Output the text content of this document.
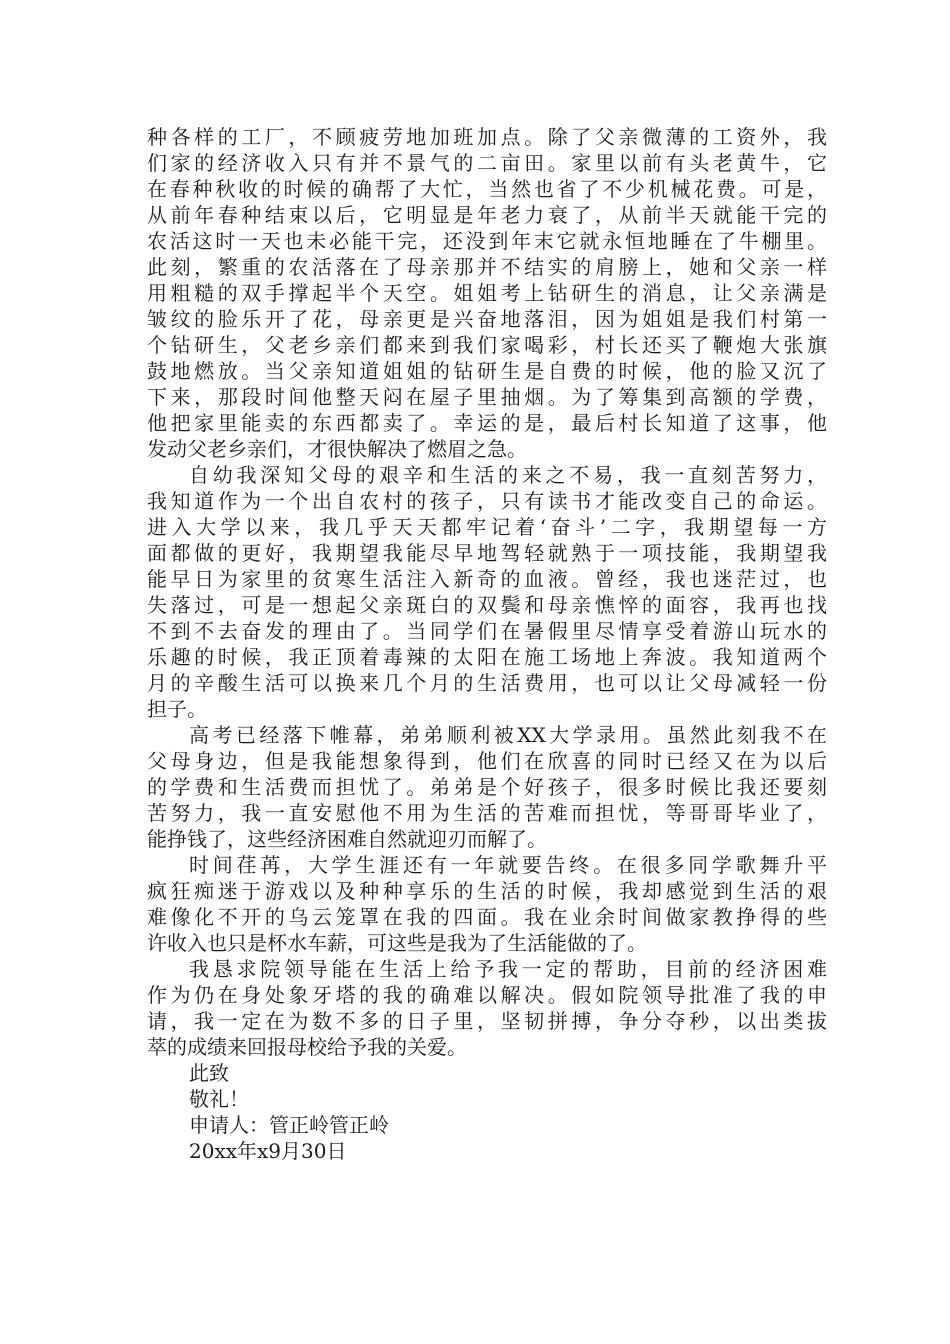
种各样的工厂，不顾疲劳地加班加点。除了父亲微薄的工资外，我
们家的经济收入只有并不景气的二亩田。家里以前有头老黄牛，它
在春种秋收的时候的确帮了大忙，当然也省了不少机械花费。可是，
从前年春种结束以后，它明显是年老力衰了，从前半天就能干完的
农活这时一天也未必能干完，还没到年末它就永恒地睡在了牛棚里。
此刻，繁重的农活落在了母亲那并不结实的肩膀上，她和父亲一样
用粗糙的双手撑起半个天空。姐姐考上钻研生的消息，让父亲满是
皱纹的脸乐开了花，母亲更是兴奋地落泪，因为姐姐是我们村第一
个钻研生，父老乡亲们都来到我们家喝彩，村长还买了鞭炮大张旗
鼓地燃放。当父亲知道姐姐的钻研生是自费的时候，他的脸又沉了
下来，那段时间他整天闷在屋子里抽烟。为了筹集到高额的学费，
他把家里能卖的东西都卖了。幸运的是，最后村长知道了这事，他
发动父老乡亲们，才很快解决了燃眉之急。
自幼我深知父母的艰辛和生活的来之不易，我一直刻苦努力，
我知道作为一个出自农村的孩子，只有读书才能改变自己的命运。
进入大学以来，我几乎天天都牢记着‘奋斗’二字，我期望每一方
面都做的更好，我期望我能尽早地驾轻就熟于一项技能，我期望我
能早日为家里的贫寒生活注入新奇的血液。曾经，我也迷茫过，也
失落过，可是一想起父亲斑白的双鬓和母亲憔悴的面容，我再也找
不到不去奋发的理由了。当同学们在暑假里尽情享受着游山玩水的
乐趣的时候，我正顶着毒辣的太阳在施工场地上奔波。我知道两个
月的辛酸生活可以换来几个月的生活费用，也可以让父母减轻一份
担子。
高考已经落下帷幕，弟弟顺利被XX大学录用。虽然此刻我不在
父母身边，但是我能想象得到，他们在欣喜的同时已经又在为以后
的学费和生活费而担忧了。弟弟是个好孩子，很多时候比我还要刻
苦努力，我一直安慰他不用为生活的苦难而担忧，等哥哥毕业了，
能挣钱了，这些经济困难自然就迎刃而解了。
时间荏苒，大学生涯还有一年就要告终。在很多同学歌舞升平
疯狂痴迷于游戏以及种种享乐的生活的时候，我却感觉到生活的艰
难像化不开的乌云笼罩在我的四面。我在业余时间做家教挣得的些
许收入也只是杯水车薪，可这些是我为了生活能做的了。
我恳求院领导能在生活上给予我一定的帮助，目前的经济困难
作为仍在身处象牙塔的我的确难以解决。假如院领导批准了我的申
请，我一定在为数不多的日子里，坚韧拼搏，争分夺秒，以出类拔
萃的成绩来回报母校给予我的关爱。
此致
敬礼！
申请人：管正岭管正岭
20xx年x9月30日
